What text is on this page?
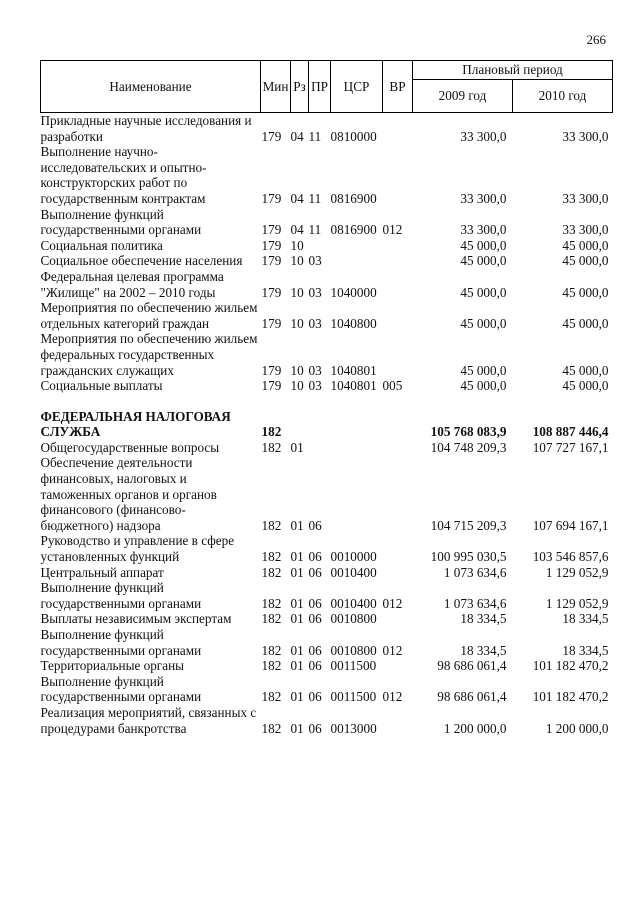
266
Наименование	Мин	Рз	ПР	ЦСР	ВР	Плановый период	
						2009 год	2010 год
Прикладные научные исследования и разработки	179	04	11	0810000		33 300,0	33 300,0
Выполнение научно-исследовательских и опытно-конструкторских работ по государственным контрактам	179	04	11	0816900		33 300,0	33 300,0
Выполнение функций государственными органами	179	04	11	0816900	012	33 300,0	33 300,0
Социальная политика	179	10				45 000,0	45 000,0
Социальное обеспечение населения	179	10	03			45 000,0	45 000,0
Федеральная целевая программа "Жилище" на 2002 – 2010 годы	179	10	03	1040000		45 000,0	45 000,0
Мероприятия по обеспечению жильем отдельных категорий граждан	179	10	03	1040800		45 000,0	45 000,0
Мероприятия по обеспечению жильем федеральных государственных гражданских служащих	179	10	03	1040801		45 000,0	45 000,0
Социальные выплаты	179	10	03	1040801	005	45 000,0	45 000,0

ФЕДЕРАЛЬНАЯ НАЛОГОВАЯ СЛУЖБА	182					105 768 083,9	108 887 446,4
Общегосударственные вопросы	182	01				104 748 209,3	107 727 167,1
Обеспечение деятельности финансовых, налоговых и таможенных органов и органов финансового (финансово-бюджетного) надзора	182	01	06			104 715 209,3	107 694 167,1
Руководство и управление в сфере установленных функций	182	01	06	0010000		100 995 030,5	103 546 857,6
Центральный аппарат	182	01	06	0010400		1 073 634,6	1 129 052,9
Выполнение функций государственными органами	182	01	06	0010400	012	1 073 634,6	1 129 052,9
Выплаты независимым экспертам	182	01	06	0010800		18 334,5	18 334,5
Выполнение функций государственными органами	182	01	06	0010800	012	18 334,5	18 334,5
Территориальные органы	182	01	06	0011500		98 686 061,4	101 182 470,2
Выполнение функций государственными органами	182	01	06	0011500	012	98 686 061,4	101 182 470,2
Реализация мероприятий, связанных с процедурами банкротства	182	01	06	0013000		1 200 000,0	1 200 000,0
